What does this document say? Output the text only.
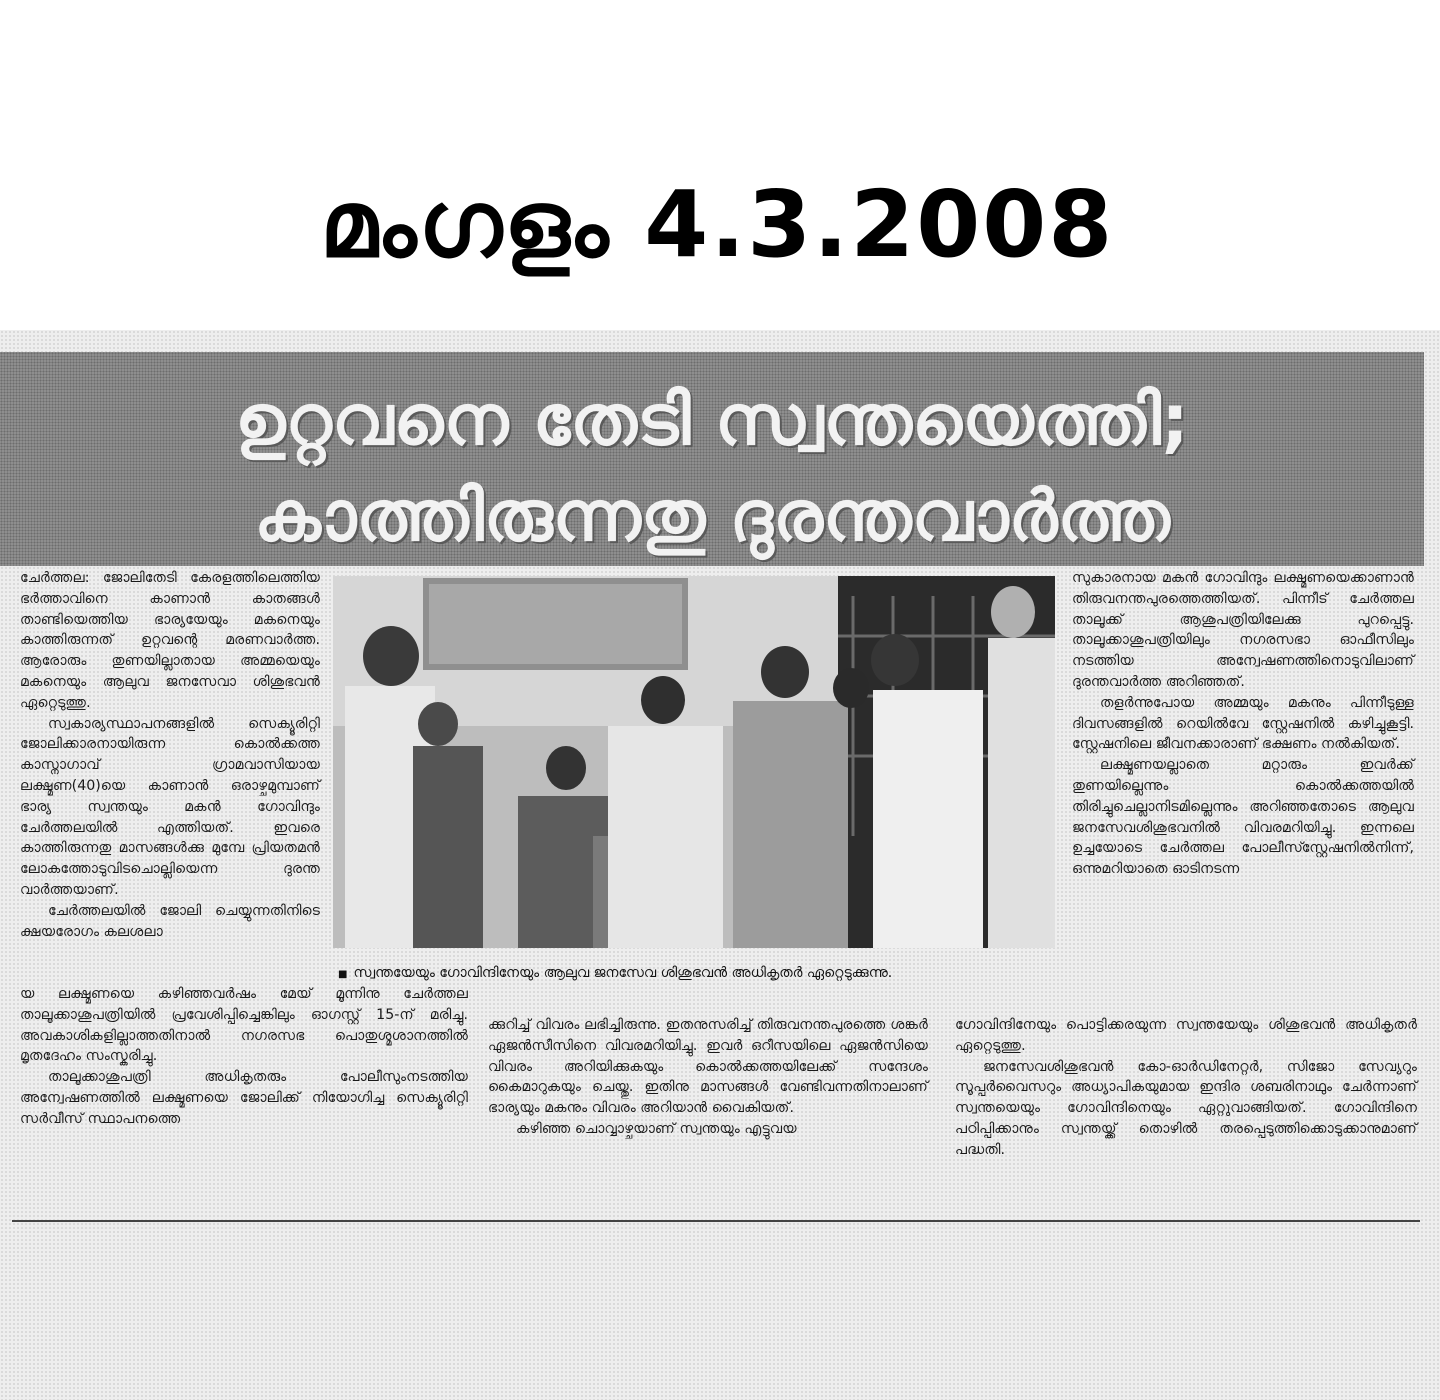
മംഗളം 4.3.2008
ഉറ്റവനെ തേടി സ്വന്തയെത്തി;
കാത്തിരുന്നതു ദുരന്തവാർത്ത

ചേർത്തല: ജോലിതേടി കേരളത്തിലെത്തിയ ഭർത്താവിനെ കാണാൻ കാതങ്ങൾ താണ്ടിയെത്തിയ ഭാര്യയേയും മകനെയും കാത്തിരുന്നത് ഉറ്റവന്റെ മരണവാർത്ത. ആരോരും തുണയില്ലാതായ അമ്മയെയും മകനെയും ആലുവ ജനസേവാ ശിശുഭവൻ ഏറ്റെടുത്തു.

സ്വകാര്യസ്ഥാപനങ്ങളിൽ സെക്യൂരിറ്റി ജോലിക്കാരനായിരുന്ന കൊൽക്കത്ത കാസ്നാഗാവ് ഗ്രാമവാസിയായ ലക്ഷ്മണ(40)യെ കാണാൻ ഒരാഴ്ചമുമ്പാണ് ഭാര്യ സ്വന്തയും മകൻ ഗോവിന്ദും ചേർത്തലയിൽ എത്തിയത്. ഇവരെ കാത്തിരുന്നതു മാസങ്ങൾക്കു മുമ്പേ പ്രിയതമൻ ലോകത്തോടുവിടചൊല്ലിയെന്ന ദുരന്ത വാർത്തയാണ്.

ചേർത്തലയിൽ ജോലി ചെയ്യുന്നതിനിടെ ക്ഷയരോഗം കലശലാ

■ സ്വന്തയേയും ഗോവിന്ദിനേയും ആലുവ ജനസേവ ശിശുഭവൻ അധികൃതർ ഏറ്റെടുക്കുന്നു.

യ ലക്ഷ്മണയെ കഴിഞ്ഞവർഷം മേയ് മൂന്നിനു ചേർത്തല താലൂക്കാശുപത്രിയിൽ പ്രവേശിപ്പിച്ചെങ്കിലും ഓഗസ്റ്റ് 15-ന് മരിച്ചു. അവകാശികളില്ലാത്തതിനാൽ നഗരസഭ പൊതുശ്മശാനത്തിൽ മൃതദേഹം സംസ്കരിച്ചു.

താലൂക്കാശുപത്രി അധികൃതരും പോലീസുംനടത്തിയ അന്വേഷണത്തിൽ ലക്ഷ്മണയെ ജോലിക്ക് നിയോഗിച്ച സെക്യൂരിറ്റി സർവീസ് സ്ഥാപനത്തെ

ക്കുറിച്ച് വിവരം ലഭിച്ചിരുന്നു. ഇതനുസരിച്ച് തിരുവനന്തപുരത്തെ ശങ്കർ ഏജൻസീസിനെ വിവരമറിയിച്ചു. ഇവർ ഒറീസയിലെ ഏജൻസിയെ വിവരം അറിയിക്കുകയും കൊൽക്കത്തയിലേക്ക് സന്ദേശം കൈമാറുകയും ചെയ്തു. ഇതിനു മാസങ്ങൾ വേണ്ടിവന്നതിനാലാണ് ഭാര്യയും മകനും വിവരം അറിയാൻ വൈകിയത്.

കഴിഞ്ഞ ചൊവ്വാഴ്ചയാണ് സ്വന്തയും എട്ടുവയ

ഗോവിന്ദിനേയും പൊട്ടിക്കരയുന്ന സ്വന്തയേയും ശിശുഭവൻ അധികൃതർ ഏറ്റെടുത്തു.

ജനസേവശിശുഭവൻ കോ-ഓർഡിനേറ്റർ, സിജോ സേവ്യറും സൂപ്പർവൈസറും അധ്യാപികയുമായ ഇന്ദിര ശബരിനാഥും ചേർന്നാണ് സ്വന്തയെയും ഗോവിന്ദിനെയും ഏറ്റുവാങ്ങിയത്. ഗോവിന്ദിനെ പഠിപ്പിക്കാനും സ്വന്തയ്ക്ക് തൊഴിൽ തരപ്പെടുത്തിക്കൊടുക്കാനുമാണ് പദ്ധതി.

സുകാരനായ മകൻ ഗോവിന്ദും ലക്ഷ്മണയെക്കാണാൻ തിരുവനന്തപുരത്തെത്തിയത്. പിന്നീട് ചേർത്തല താലൂക്ക് ആശുപത്രിയിലേക്കു പുറപ്പെട്ടു. താലൂക്കാശുപത്രിയിലും നഗരസഭാ ഓഫീസിലും നടത്തിയ അന്വേഷണത്തിനൊടുവിലാണ് ദുരന്തവാർത്ത അറിഞ്ഞത്.

തളർന്നുപോയ അമ്മയും മകനും പിന്നീടുള്ള ദിവസങ്ങളിൽ റെയിൽവേ സ്റ്റേഷനിൽ കഴിച്ചുകൂട്ടി. സ്റ്റേഷനിലെ ജീവനക്കാരാണ് ഭക്ഷണം നൽകിയത്.

ലക്ഷ്മണയല്ലാതെ മറ്റാരും ഇവർക്ക് തുണയില്ലെന്നും കൊൽക്കത്തയിൽ തിരിച്ചുചെല്ലാനിടമില്ലെന്നും അറിഞ്ഞതോടെ ആലുവ ജനസേവശിശുഭവനിൽ വിവരമറിയിച്ചു. ഇന്നലെ ഉച്ചയോടെ ചേർത്തല പോലീസ്സ്റ്റേഷനിൽനിന്ന്, ഒന്നുമറിയാതെ ഓടിനടന്ന
